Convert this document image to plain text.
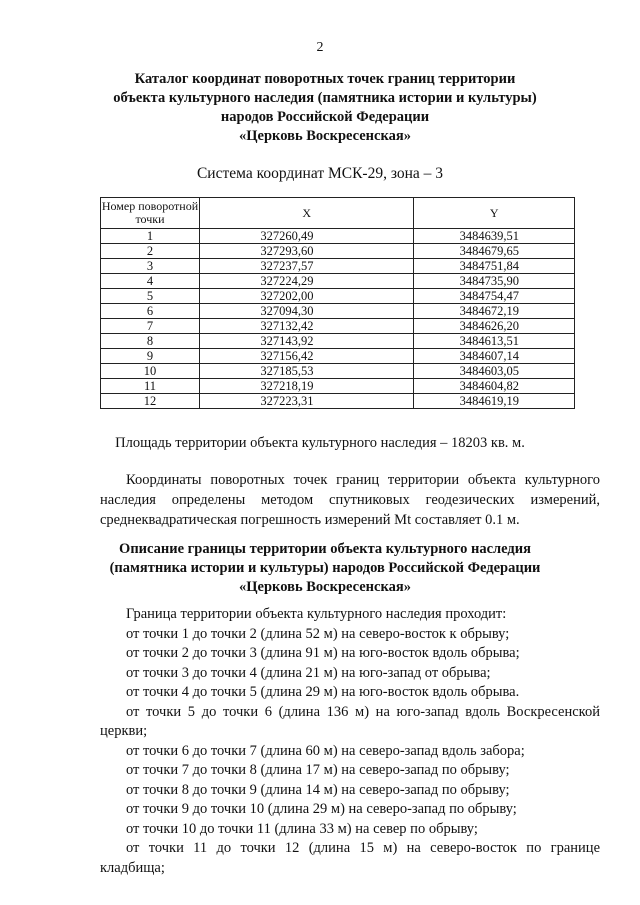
2
Каталог координат поворотных точек границ территории
объекта культурного наследия (памятника истории и культуры)
народов Российской Федерации
«Церковь Воскресенская»
Система координат МСК-29, зона – 3
Номер поворотной точки	X	Y
1	327260,49	3484639,51
2	327293,60	3484679,65
3	327237,57	3484751,84
4	327224,29	3484735,90
5	327202,00	3484754,47
6	327094,30	3484672,19
7	327132,42	3484626,20
8	327143,92	3484613,51
9	327156,42	3484607,14
10	327185,53	3484603,05
11	327218,19	3484604,82
12	327223,31	3484619,19
Площадь территории объекта культурного наследия – 18203 кв. м.
Координаты поворотных точек границ территории объекта культурного наследия определены методом спутниковых геодезических измерений, среднеквадратическая погрешность измерений Mt составляет 0.1 м.
Описание границы территории объекта культурного наследия
(памятника истории и культуры) народов Российской Федерации
«Церковь Воскресенская»
Граница территории объекта культурного наследия проходит:
от точки 1 до точки 2 (длина 52 м) на северо-восток к обрыву;
от точки 2 до точки 3 (длина 91 м) на юго-восток вдоль обрыва;
от точки 3 до точки 4 (длина 21 м) на юго-запад от обрыва;
от точки 4 до точки 5 (длина 29 м) на юго-восток вдоль обрыва.
от точки 5 до точки 6 (длина 136 м) на юго-запад вдоль Воскресенской
церкви;
от точки 6 до точки 7 (длина 60 м) на северо-запад вдоль забора;
от точки 7 до точки 8 (длина 17 м) на северо-запад по обрыву;
от точки 8 до точки 9 (длина 14 м) на северо-запад по обрыву;
от точки 9 до точки 10 (длина 29 м) на северо-запад по обрыву;
от точки 10 до точки 11 (длина 33 м) на север по обрыву;
от точки 11 до точки 12 (длина 15 м) на северо-восток по границе
кладбища;
